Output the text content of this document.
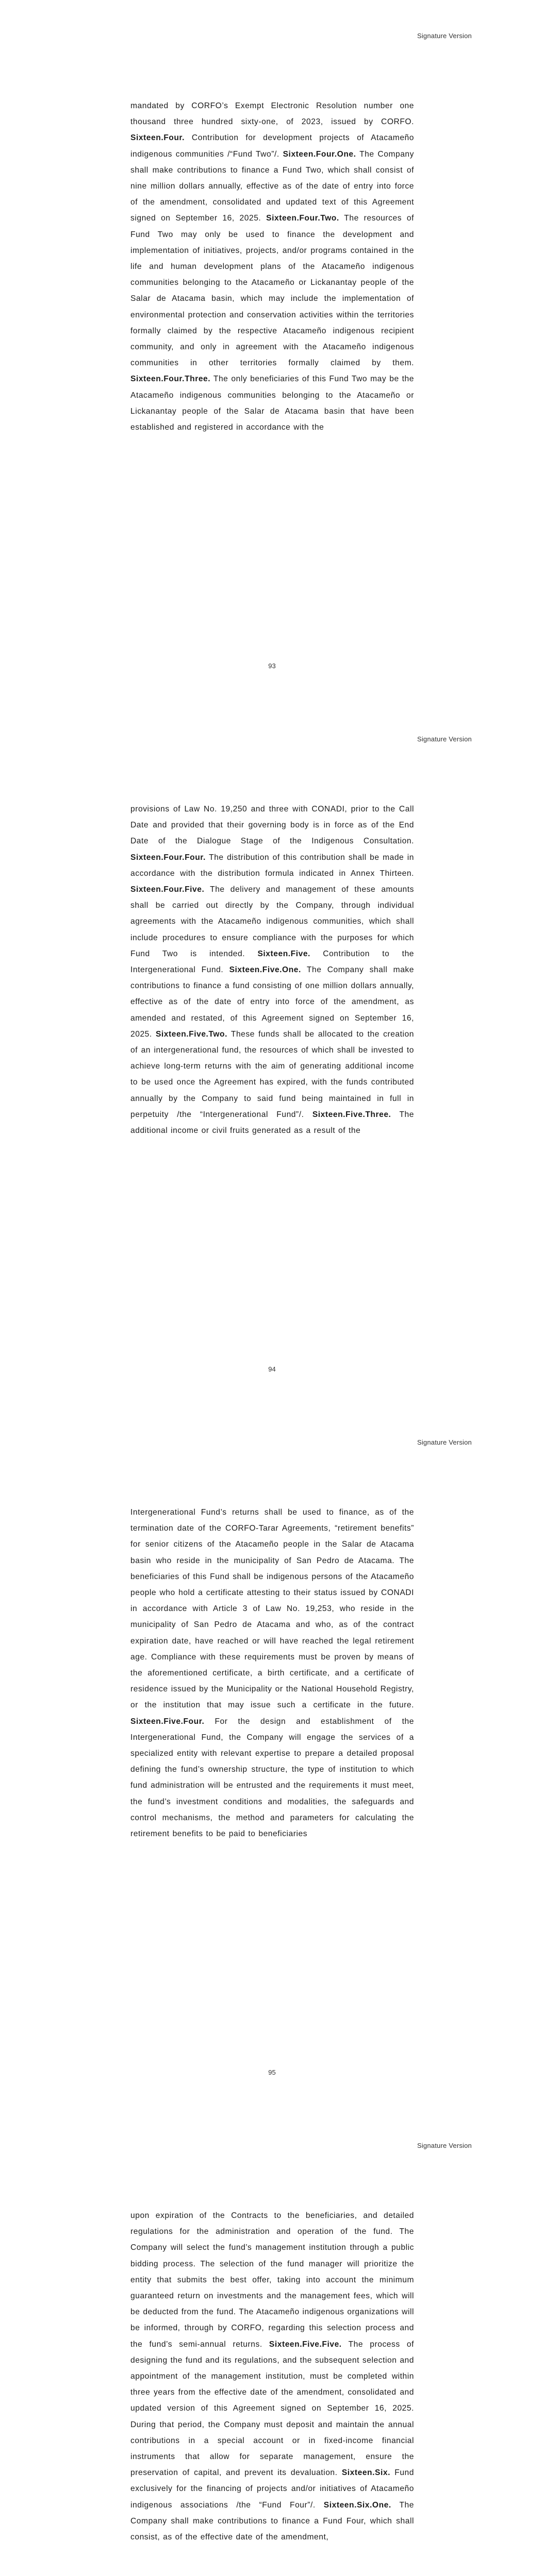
Signature Version
mandated by CORFO’s Exempt Electronic Resolution number one thousand three hundred sixty-one, of 2023, issued by CORFO. Sixteen.Four. Contribution for development projects of Atacameño indigenous communities /“Fund Two”/. Sixteen.Four.One. The Company shall make contributions to finance a Fund Two, which shall consist of nine million dollars annually, effective as of the date of entry into force of the amendment, consolidated and updated text of this Agreement signed on September 16, 2025. Sixteen.Four.Two. The resources of Fund Two may only be used to finance the development and implementation of initiatives, projects, and/or programs contained in the life and human development plans of the Atacameño indigenous communities belonging to the Atacameño or Lickanantay people of the Salar de Atacama basin, which may include the implementation of environmental protection and conservation activities within the territories formally claimed by the respective Atacameño indigenous recipient community, and only in agreement with the Atacameño indigenous communities in other territories formally claimed by them. Sixteen.Four.Three. The only beneficiaries of this Fund Two may be the Atacameño indigenous communities belonging to the Atacameño or Lickanantay people of the Salar de Atacama basin that have been established and registered in accordance with the
93
Signature Version
provisions of Law No. 19,250 and three with CONADI, prior to the Call Date and provided that their governing body is in force as of the End Date of the Dialogue Stage of the Indigenous Consultation. Sixteen.Four.Four. The distribution of this contribution shall be made in accordance with the distribution formula indicated in Annex Thirteen. Sixteen.Four.Five. The delivery and management of these amounts shall be carried out directly by the Company, through individual agreements with the Atacameño indigenous communities, which shall include procedures to ensure compliance with the purposes for which Fund Two is intended. Sixteen.Five. Contribution to the Intergenerational Fund. Sixteen.Five.One. The Company shall make contributions to finance a fund consisting of one million dollars annually, effective as of the date of entry into force of the amendment, as amended and restated, of this Agreement signed on September 16, 2025. Sixteen.Five.Two. These funds shall be allocated to the creation of an intergenerational fund, the resources of which shall be invested to achieve long-term returns with the aim of generating additional income to be used once the Agreement has expired, with the funds contributed annually by the Company to said fund being maintained in full in perpetuity /the “Intergenerational Fund”/. Sixteen.Five.Three. The additional income or civil fruits generated as a result of the
94
Signature Version
Intergenerational Fund’s returns shall be used to finance, as of the termination date of the CORFO-Tarar Agreements, “retirement benefits” for senior citizens of the Atacameño people in the Salar de Atacama basin who reside in the municipality of San Pedro de Atacama. The beneficiaries of this Fund shall be indigenous persons of the Atacameño people who hold a certificate attesting to their status issued by CONADI in accordance with Article 3 of Law No. 19,253, who reside in the municipality of San Pedro de Atacama and who, as of the contract expiration date, have reached or will have reached the legal retirement age. Compliance with these requirements must be proven by means of the aforementioned certificate, a birth certificate, and a certificate of residence issued by the Municipality or the National Household Registry, or the institution that may issue such a certificate in the future. Sixteen.Five.Four. For the design and establishment of the Intergenerational Fund, the Company will engage the services of a specialized entity with relevant expertise to prepare a detailed proposal defining the fund’s ownership structure, the type of institution to which fund administration will be entrusted and the requirements it must meet, the fund’s investment conditions and modalities, the safeguards and control mechanisms, the method and parameters for calculating the retirement benefits to be paid to beneficiaries
95
Signature Version
upon expiration of the Contracts to the beneficiaries, and detailed regulations for the administration and operation of the fund. The Company will select the fund’s management institution through a public bidding process. The selection of the fund manager will prioritize the entity that submits the best offer, taking into account the minimum guaranteed return on investments and the management fees, which will be deducted from the fund. The Atacameño indigenous organizations will be informed, through by CORFO, regarding this selection process and the fund’s semi-annual returns. Sixteen.Five.Five. The process of designing the fund and its regulations, and the subsequent selection and appointment of the management institution, must be completed within three years from the effective date of the amendment, consolidated and updated version of this Agreement signed on September 16, 2025. During that period, the Company must deposit and maintain the annual contributions in a special account or in fixed-income financial instruments that allow for separate management, ensure the preservation of capital, and prevent its devaluation. Sixteen.Six. Fund exclusively for the financing of projects and/or initiatives of Atacameño indigenous associations /the “Fund Four”/. Sixteen.Six.One. The Company shall make contributions to finance a Fund Four, which shall consist, as of the effective date of the amendment,
